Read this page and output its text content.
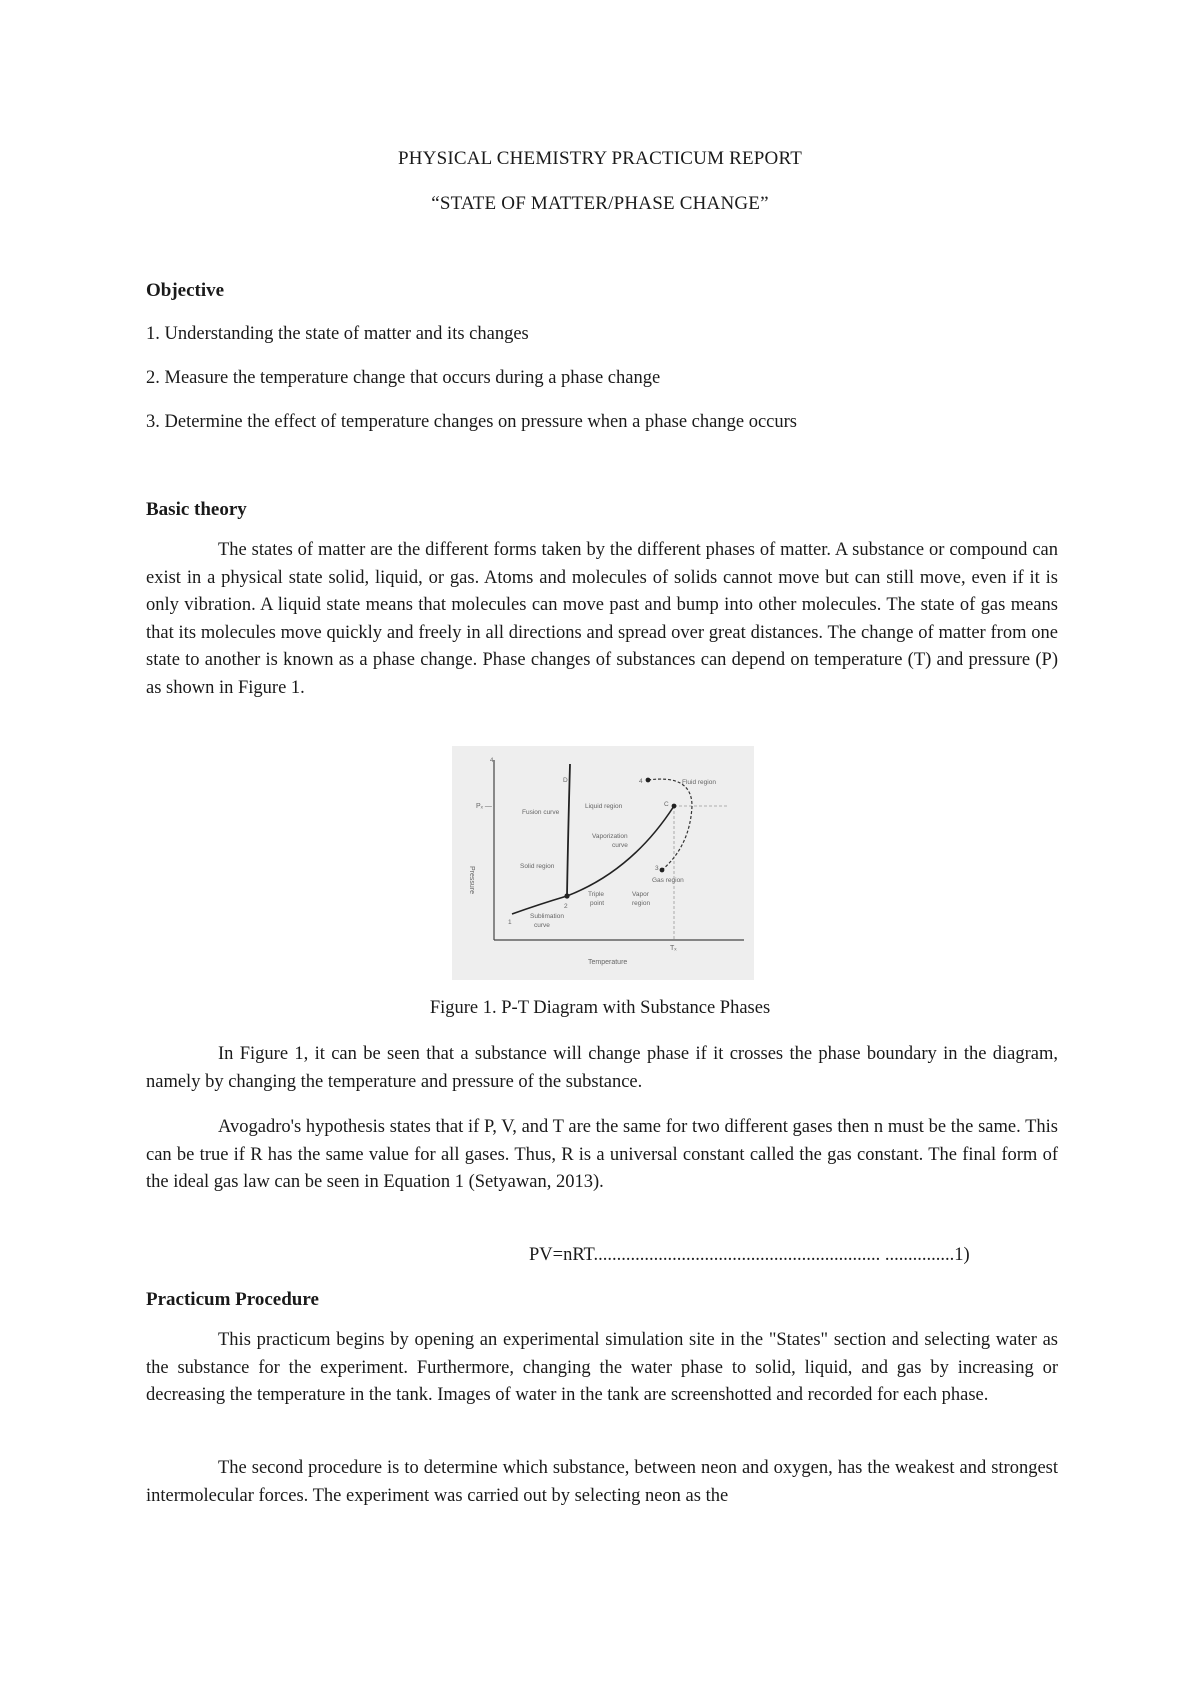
PHYSICAL CHEMISTRY PRACTICUM REPORT
“STATE OF MATTER/PHASE CHANGE”
Objective
1. Understanding the state of matter and its changes
2. Measure the temperature change that occurs during a phase change
3. Determine the effect of temperature changes on pressure when a phase change occurs
Basic theory

The states of matter are the different forms taken by the different phases of matter. A substance or compound can exist in a physical state solid, liquid, or gas. Atoms and molecules of solids cannot move but can still move, even if it is only vibration. A liquid state means that molecules can move past and bump into other molecules. The state of gas means that its molecules move quickly and freely in all directions and spread over great distances. The change of matter from one state to another is known as a phase change. Phase changes of substances can depend on temperature (T) and pressure (P) as shown in Figure 1.

4
Pressure
Temperature
Pₓ —
Tₓ
Fusion curve
Liquid region
Vaporization
curve
Solid region
Triple
point
Vapor
region
Sublimation
curve
Fluid region
Gas region
1
2
3
4
C
D
Figure 1. P-T Diagram with Substance Phases

In Figure 1, it can be seen that a substance will change phase if it crosses the phase boundary in the diagram, namely by changing the temperature and pressure of the substance.

Avogadro's hypothesis states that if P, V, and T are the same for two different gases then n must be the same. This can be true if R has the same value for all gases. Thus, R is a universal constant called the gas constant. The final form of the ideal gas law can be seen in Equation 1 (Setyawan, 2013).

PV=nRT.............................................................. ...............1)
Practicum Procedure

This practicum begins by opening an experimental simulation site in the "States" section and selecting water as the substance for the experiment. Furthermore, changing the water phase to solid, liquid, and gas by increasing or decreasing the temperature in the tank. Images of water in the tank are screenshotted and recorded for each phase.

The second procedure is to determine which substance, between neon and oxygen, has the weakest and strongest intermolecular forces. The experiment was carried out by selecting neon as the
